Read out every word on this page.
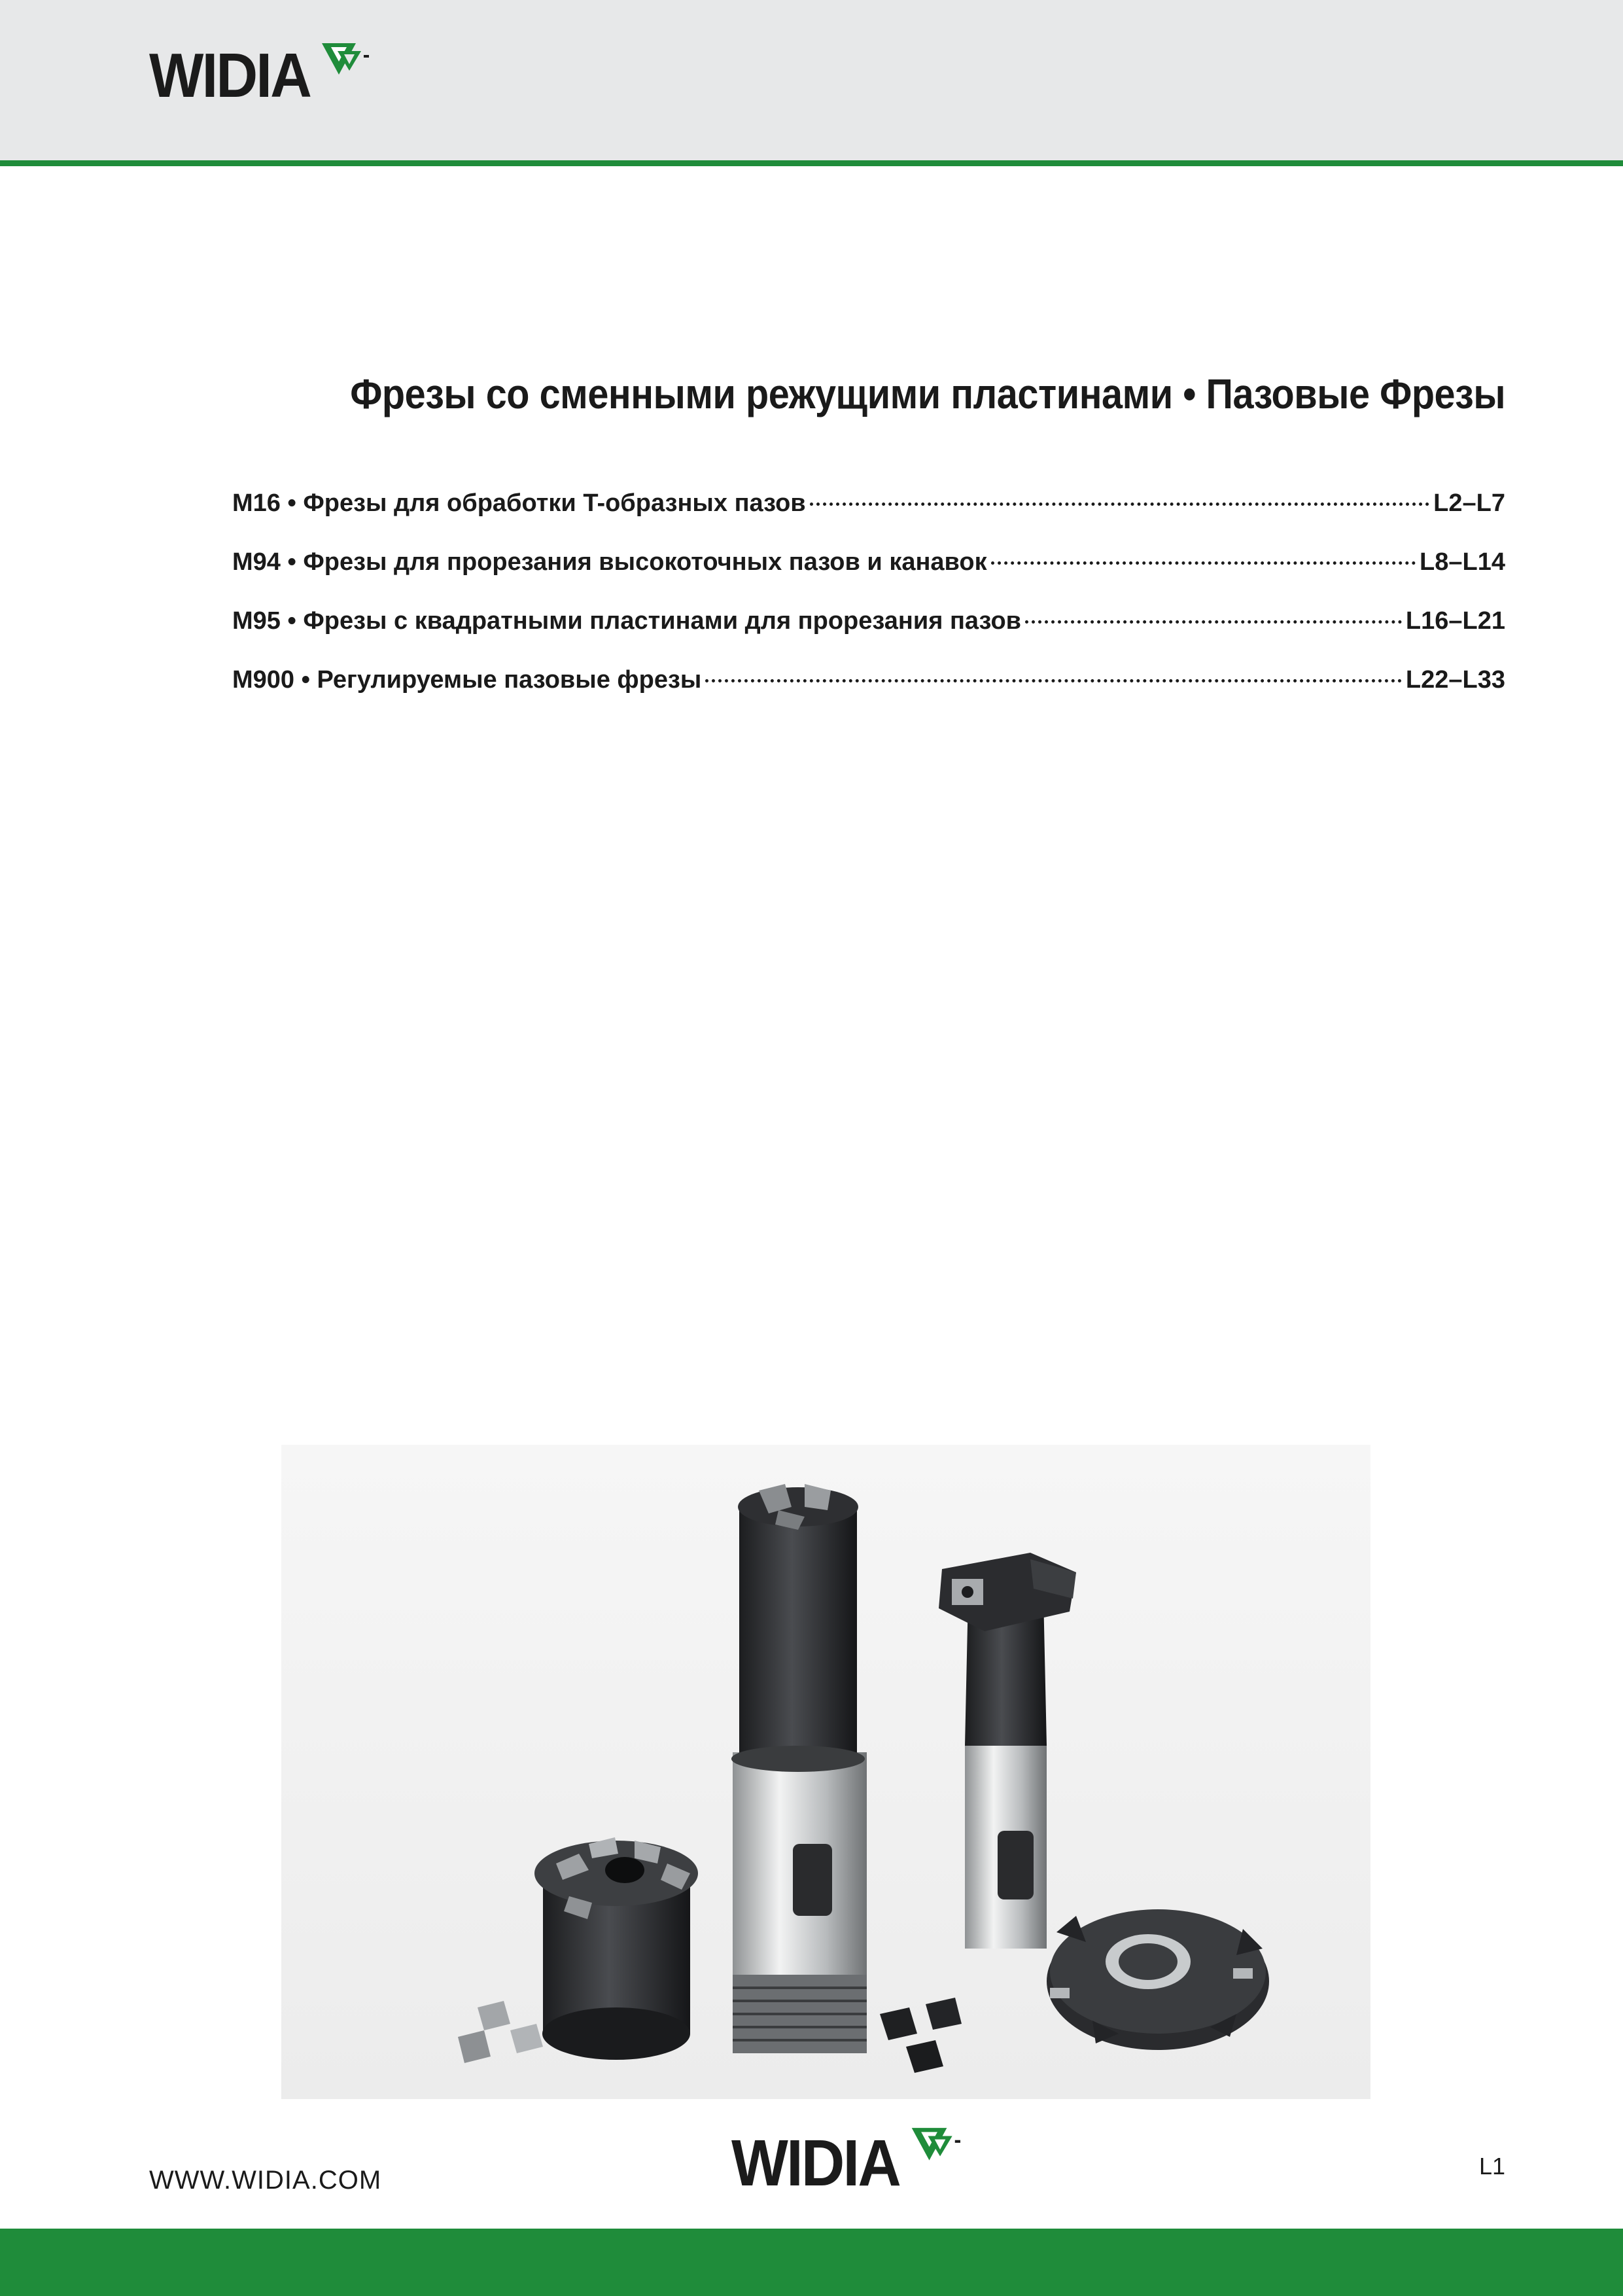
WIDIA
Фрезы со сменными режущими пластинами • Пазовые Фрезы
M16 • Фрезы для обработки T-образных пазов	L2–L7
M94 • Фрезы для прорезания высокоточных пазов и канавок	L8–L14
M95 • Фрезы с квадратными пластинами для прорезания пазов	L16–L21
M900 • Регулируемые пазовые фрезы	L22–L33
WWW.WIDIA.COM	WIDIA	L1
